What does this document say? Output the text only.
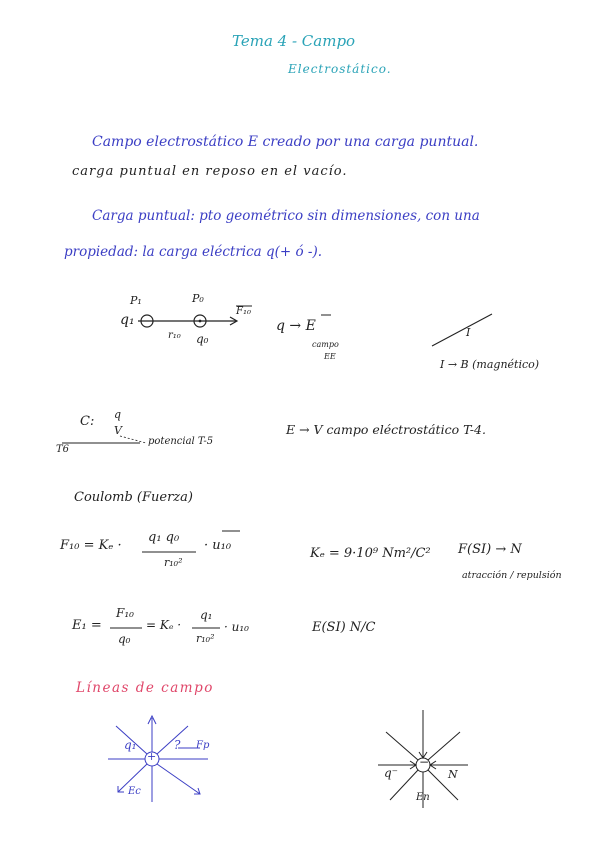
Tema 4 - Campo
Electrostático.
Campo electrostático E creado por una carga puntual.
carga puntual en reposo en el vacío.
Carga puntual: pto geométrico sin dimensiones, con una
propiedad: la carga eléctrica q(+ ó -).
P₁	P₀
q₁
q₀
r₁₀
F₁₀
q → E
campo
EE
I
I → B (magnético)
C: q
V
T6
potencial T-5
E → V campo eléctrostático T-4.
Coulomb (Fuerza)
F₁₀ = Kₑ ·
q₁ q₀
r₁₀²
· u₁₀
Kₑ = 9·10⁹ Nm²/C² F(SI) → N
atracción / repulsión
E₁ =
F₁₀
q₀
= Kₑ ·
q₁
r₁₀²
· u₁₀	E(SI) N/C
Líneas de campo
q₁
+
? Fp
Ec
q⁻
−
N
En
